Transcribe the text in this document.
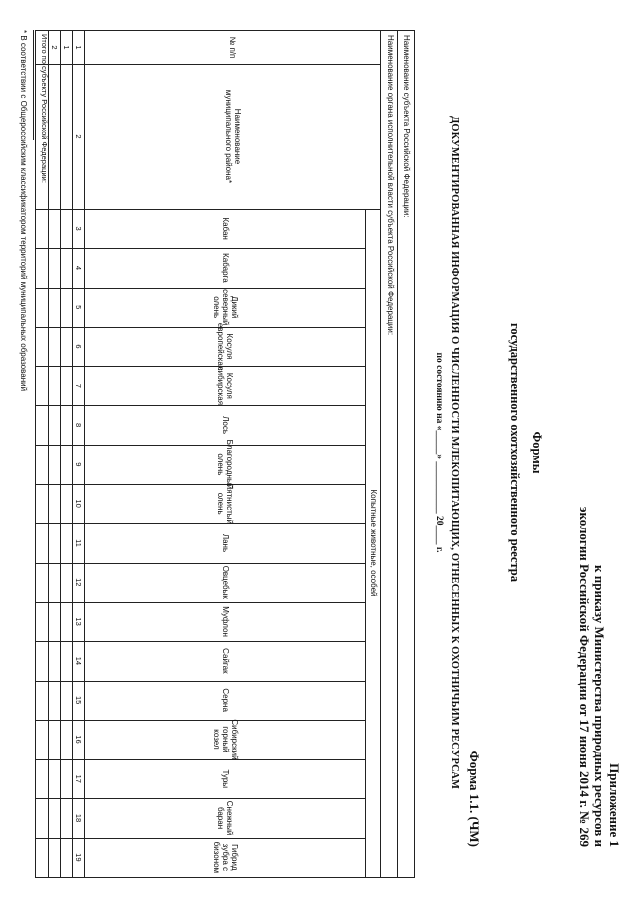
Приложение 1
к приказу Министерства природных ресурсов и
экологии Российской Федерации от 17 июня 2014 г. № 269
Формы
государственного охотхозяйственного реестра
Форма 1.1. (ЧМ)
ДОКУМЕНТИРОВАННАЯ ИНФОРМАЦИЯ О ЧИСЛЕННОСТИ МЛЕКОПИТАЮЩИХ, ОТНЕСЕННЫХ К ОХОТНИЧЬИМ РЕСУРСАМ
по состоянию на «_____» ___________ 20____ г.
Наименование субъекта Российской Федерации:
Наименование органа исполнительной власти субъекта Российской Федерации:
№ п/п
Наименование муниципального района*
Копытные животные, особей
Кабан
3
Кабарга
4
Дикий северный олень
5
Косуля европейская
6
Косуля сибирская
7
Лось
8
Благородный олень
9
Пятнистый олень
10
Лань
11
Овцебык
12
Муфлон
13
Сайгак
14
Серна
15
Сибирский горный козел
16
Туры
17
Снежный баран
18
Гибрид зубра с бизоном
19
1
2
1
2
Итого по субъекту Российской Федерации:
* В соответствии с Общероссийским классификатором территорий муниципальных образований
